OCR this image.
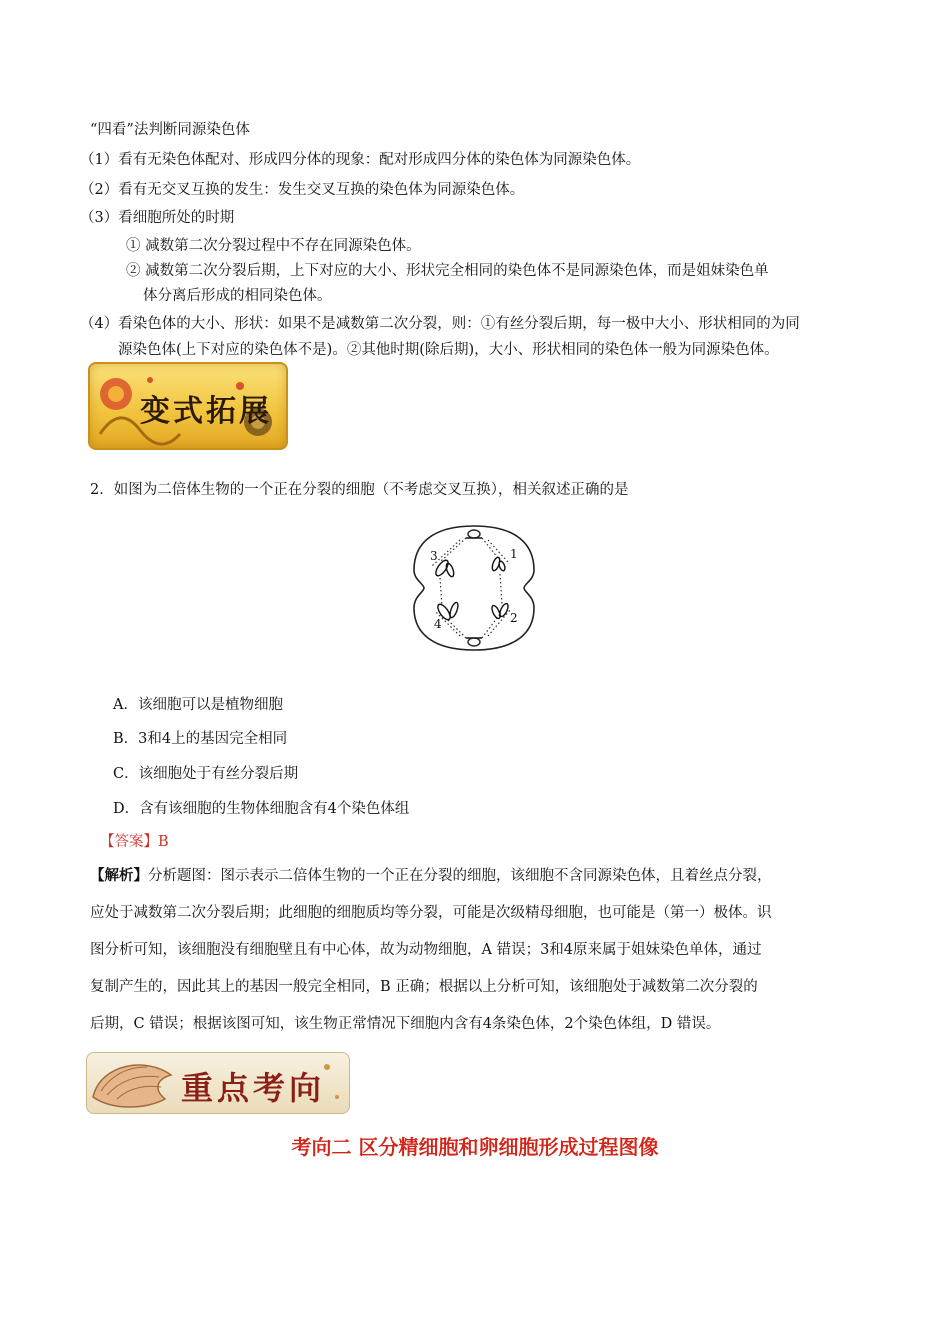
“四看”法判断同源染色体
（1）看有无染色体配对、形成四分体的现象：配对形成四分体的染色体为同源染色体。
（2）看有无交叉互换的发生：发生交叉互换的染色体为同源染色体。
（3）看细胞所处的时期
① 减数第二次分裂过程中不存在同源染色体。
② 减数第二次分裂后期，上下对应的大小、形状完全相同的染色体不是同源染色体，而是姐妹染色单
体分离后形成的相同染色体。
（4）看染色体的大小、形状：如果不是减数第二次分裂，则：①有丝分裂后期，每一极中大小、形状相同的为同
源染色体(上下对应的染色体不是)。②其他时期(除后期)，大小、形状相同的染色体一般为同源染色体。
变式拓展
2．如图为二倍体生物的一个正在分裂的细胞（不考虑交叉互换），相关叙述正确的是
3	1
4	2
A．该细胞可以是植物细胞
B．3和4上的基因完全相同
C．该细胞处于有丝分裂后期
D．含有该细胞的生物体细胞含有4个染色体组
【答案】B
【解析】分析题图：图示表示二倍体生物的一个正在分裂的细胞，该细胞不含同源染色体，且着丝点分裂，
应处于减数第二次分裂后期；此细胞的细胞质均等分裂，可能是次级精母细胞，也可能是（第一）极体。识
图分析可知，该细胞没有细胞壁且有中心体，故为动物细胞，A 错误；3和4原来属于姐妹染色单体，通过
复制产生的，因此其上的基因一般完全相同，B 正确；根据以上分析可知，该细胞处于减数第二次分裂的
后期，C 错误；根据该图可知，该生物正常情况下细胞内含有4条染色体，2个染色体组，D 错误。
重点考向
考向二 区分精细胞和卵细胞形成过程图像
